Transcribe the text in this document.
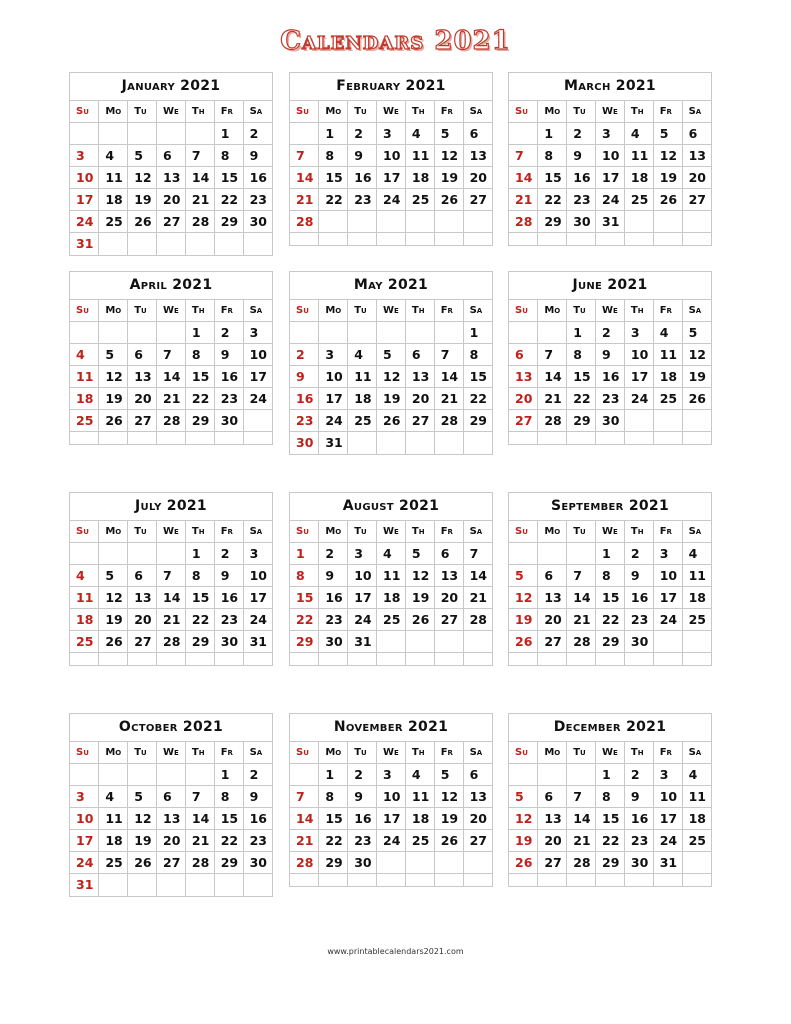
Calendars 2021
January 2021
Su	Mo	Tu	We	Th	Fr	Sa
					1	2
3	4	5	6	7	8	9
10	11	12	13	14	15	16
17	18	19	20	21	22	23
24	25	26	27	28	29	30
31						
February 2021
Su	Mo	Tu	We	Th	Fr	Sa
	1	2	3	4	5	6
7	8	9	10	11	12	13
14	15	16	17	18	19	20
21	22	23	24	25	26	27
28						

March 2021
Su	Mo	Tu	We	Th	Fr	Sa
	1	2	3	4	5	6
7	8	9	10	11	12	13
14	15	16	17	18	19	20
21	22	23	24	25	26	27
28	29	30	31			

April 2021
Su	Mo	Tu	We	Th	Fr	Sa
				1	2	3
4	5	6	7	8	9	10
11	12	13	14	15	16	17
18	19	20	21	22	23	24
25	26	27	28	29	30	

May 2021
Su	Mo	Tu	We	Th	Fr	Sa
						1
2	3	4	5	6	7	8
9	10	11	12	13	14	15
16	17	18	19	20	21	22
23	24	25	26	27	28	29
30	31					
June 2021
Su	Mo	Tu	We	Th	Fr	Sa
		1	2	3	4	5
6	7	8	9	10	11	12
13	14	15	16	17	18	19
20	21	22	23	24	25	26
27	28	29	30			

July 2021
Su	Mo	Tu	We	Th	Fr	Sa
				1	2	3
4	5	6	7	8	9	10
11	12	13	14	15	16	17
18	19	20	21	22	23	24
25	26	27	28	29	30	31

August 2021
Su	Mo	Tu	We	Th	Fr	Sa
1	2	3	4	5	6	7
8	9	10	11	12	13	14
15	16	17	18	19	20	21
22	23	24	25	26	27	28
29	30	31				

September 2021
Su	Mo	Tu	We	Th	Fr	Sa
			1	2	3	4
5	6	7	8	9	10	11
12	13	14	15	16	17	18
19	20	21	22	23	24	25
26	27	28	29	30		

October 2021
Su	Mo	Tu	We	Th	Fr	Sa
					1	2
3	4	5	6	7	8	9
10	11	12	13	14	15	16
17	18	19	20	21	22	23
24	25	26	27	28	29	30
31						
November 2021
Su	Mo	Tu	We	Th	Fr	Sa
	1	2	3	4	5	6
7	8	9	10	11	12	13
14	15	16	17	18	19	20
21	22	23	24	25	26	27
28	29	30				

December 2021
Su	Mo	Tu	We	Th	Fr	Sa
			1	2	3	4
5	6	7	8	9	10	11
12	13	14	15	16	17	18
19	20	21	22	23	24	25
26	27	28	29	30	31	

www.printablecalendars2021.com
